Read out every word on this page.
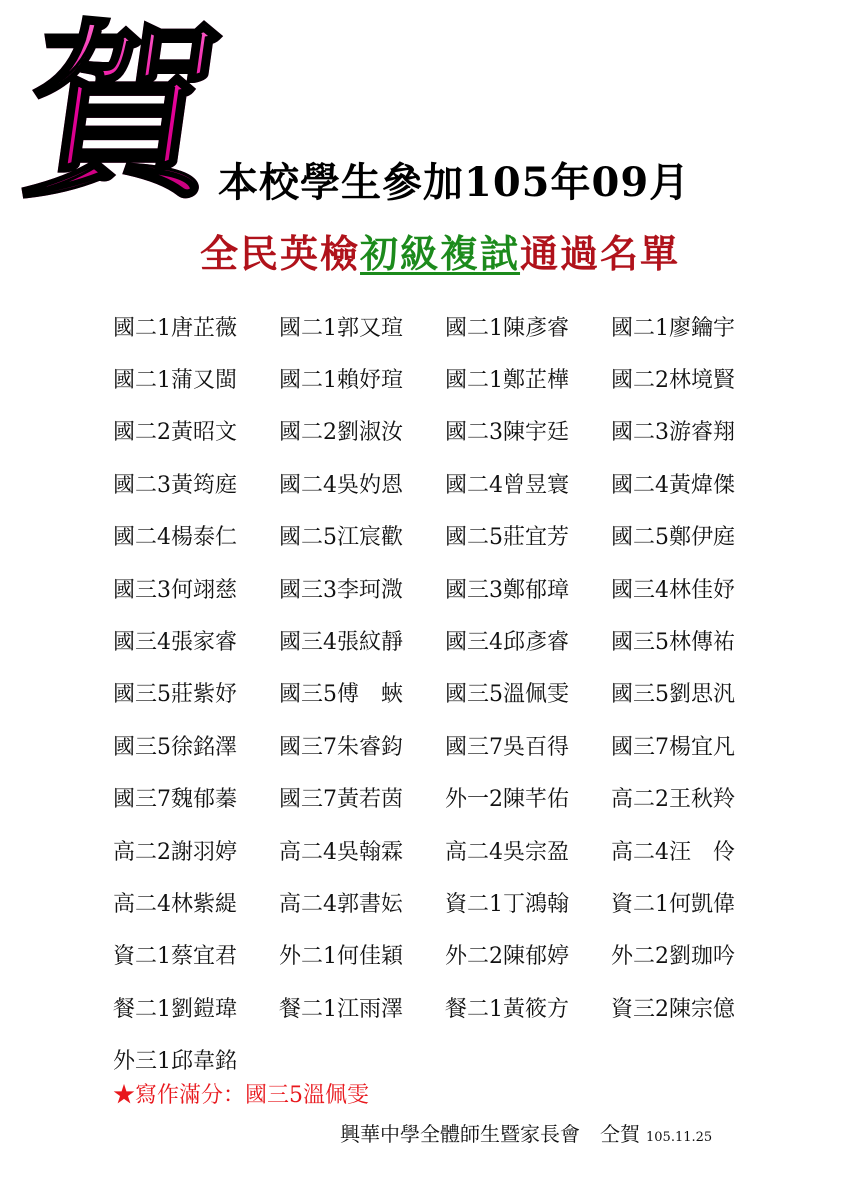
賀
本校學生參加105年09月
全民英檢初級複試通過名單
國二1唐芷薇	國二1郭又瑄	國二1陳彥睿	國二1廖鑰宇
國二1蒲又閩	國二1賴妤瑄	國二1鄭芷樺	國二2林境賢
國二2黃昭文	國二2劉淑汝	國二3陳宇廷	國二3游睿翔
國二3黃筠庭	國二4吳妁恩	國二4曾昱寰	國二4黃煒傑
國二4楊泰仁	國二5江宸歡	國二5莊宜芳	國二5鄭伊庭
國三3何翊慈	國三3李珂溦	國三3鄭郁璋	國三4林佳妤
國三4張家睿	國三4張紋靜	國三4邱彥睿	國三5林傳祐
國三5莊紫妤	國三5傅　蛺	國三5溫佩雯	國三5劉思汎
國三5徐銘澤	國三7朱睿鈞	國三7吳百得	國三7楊宜凡
國三7魏郁蓁	國三7黃若茵	外一2陳芊佑	高二2王秋羚
高二2謝羽婷	高二4吳翰霖	高二4吳宗盈	高二4汪　伶
高二4林紫緹	高二4郭書妘	資二1丁鴻翰	資二1何凱偉
資二1蔡宜君	外二1何佳穎	外二2陳郁婷	外二2劉珈吟
餐二1劉鎧瑋	餐二1江雨澤	餐二1黃筱方	資三2陳宗億
外三1邱韋銘
★寫作滿分：國三5溫佩雯
興華中學全體師生暨家長會　仝賀 105.11.25
